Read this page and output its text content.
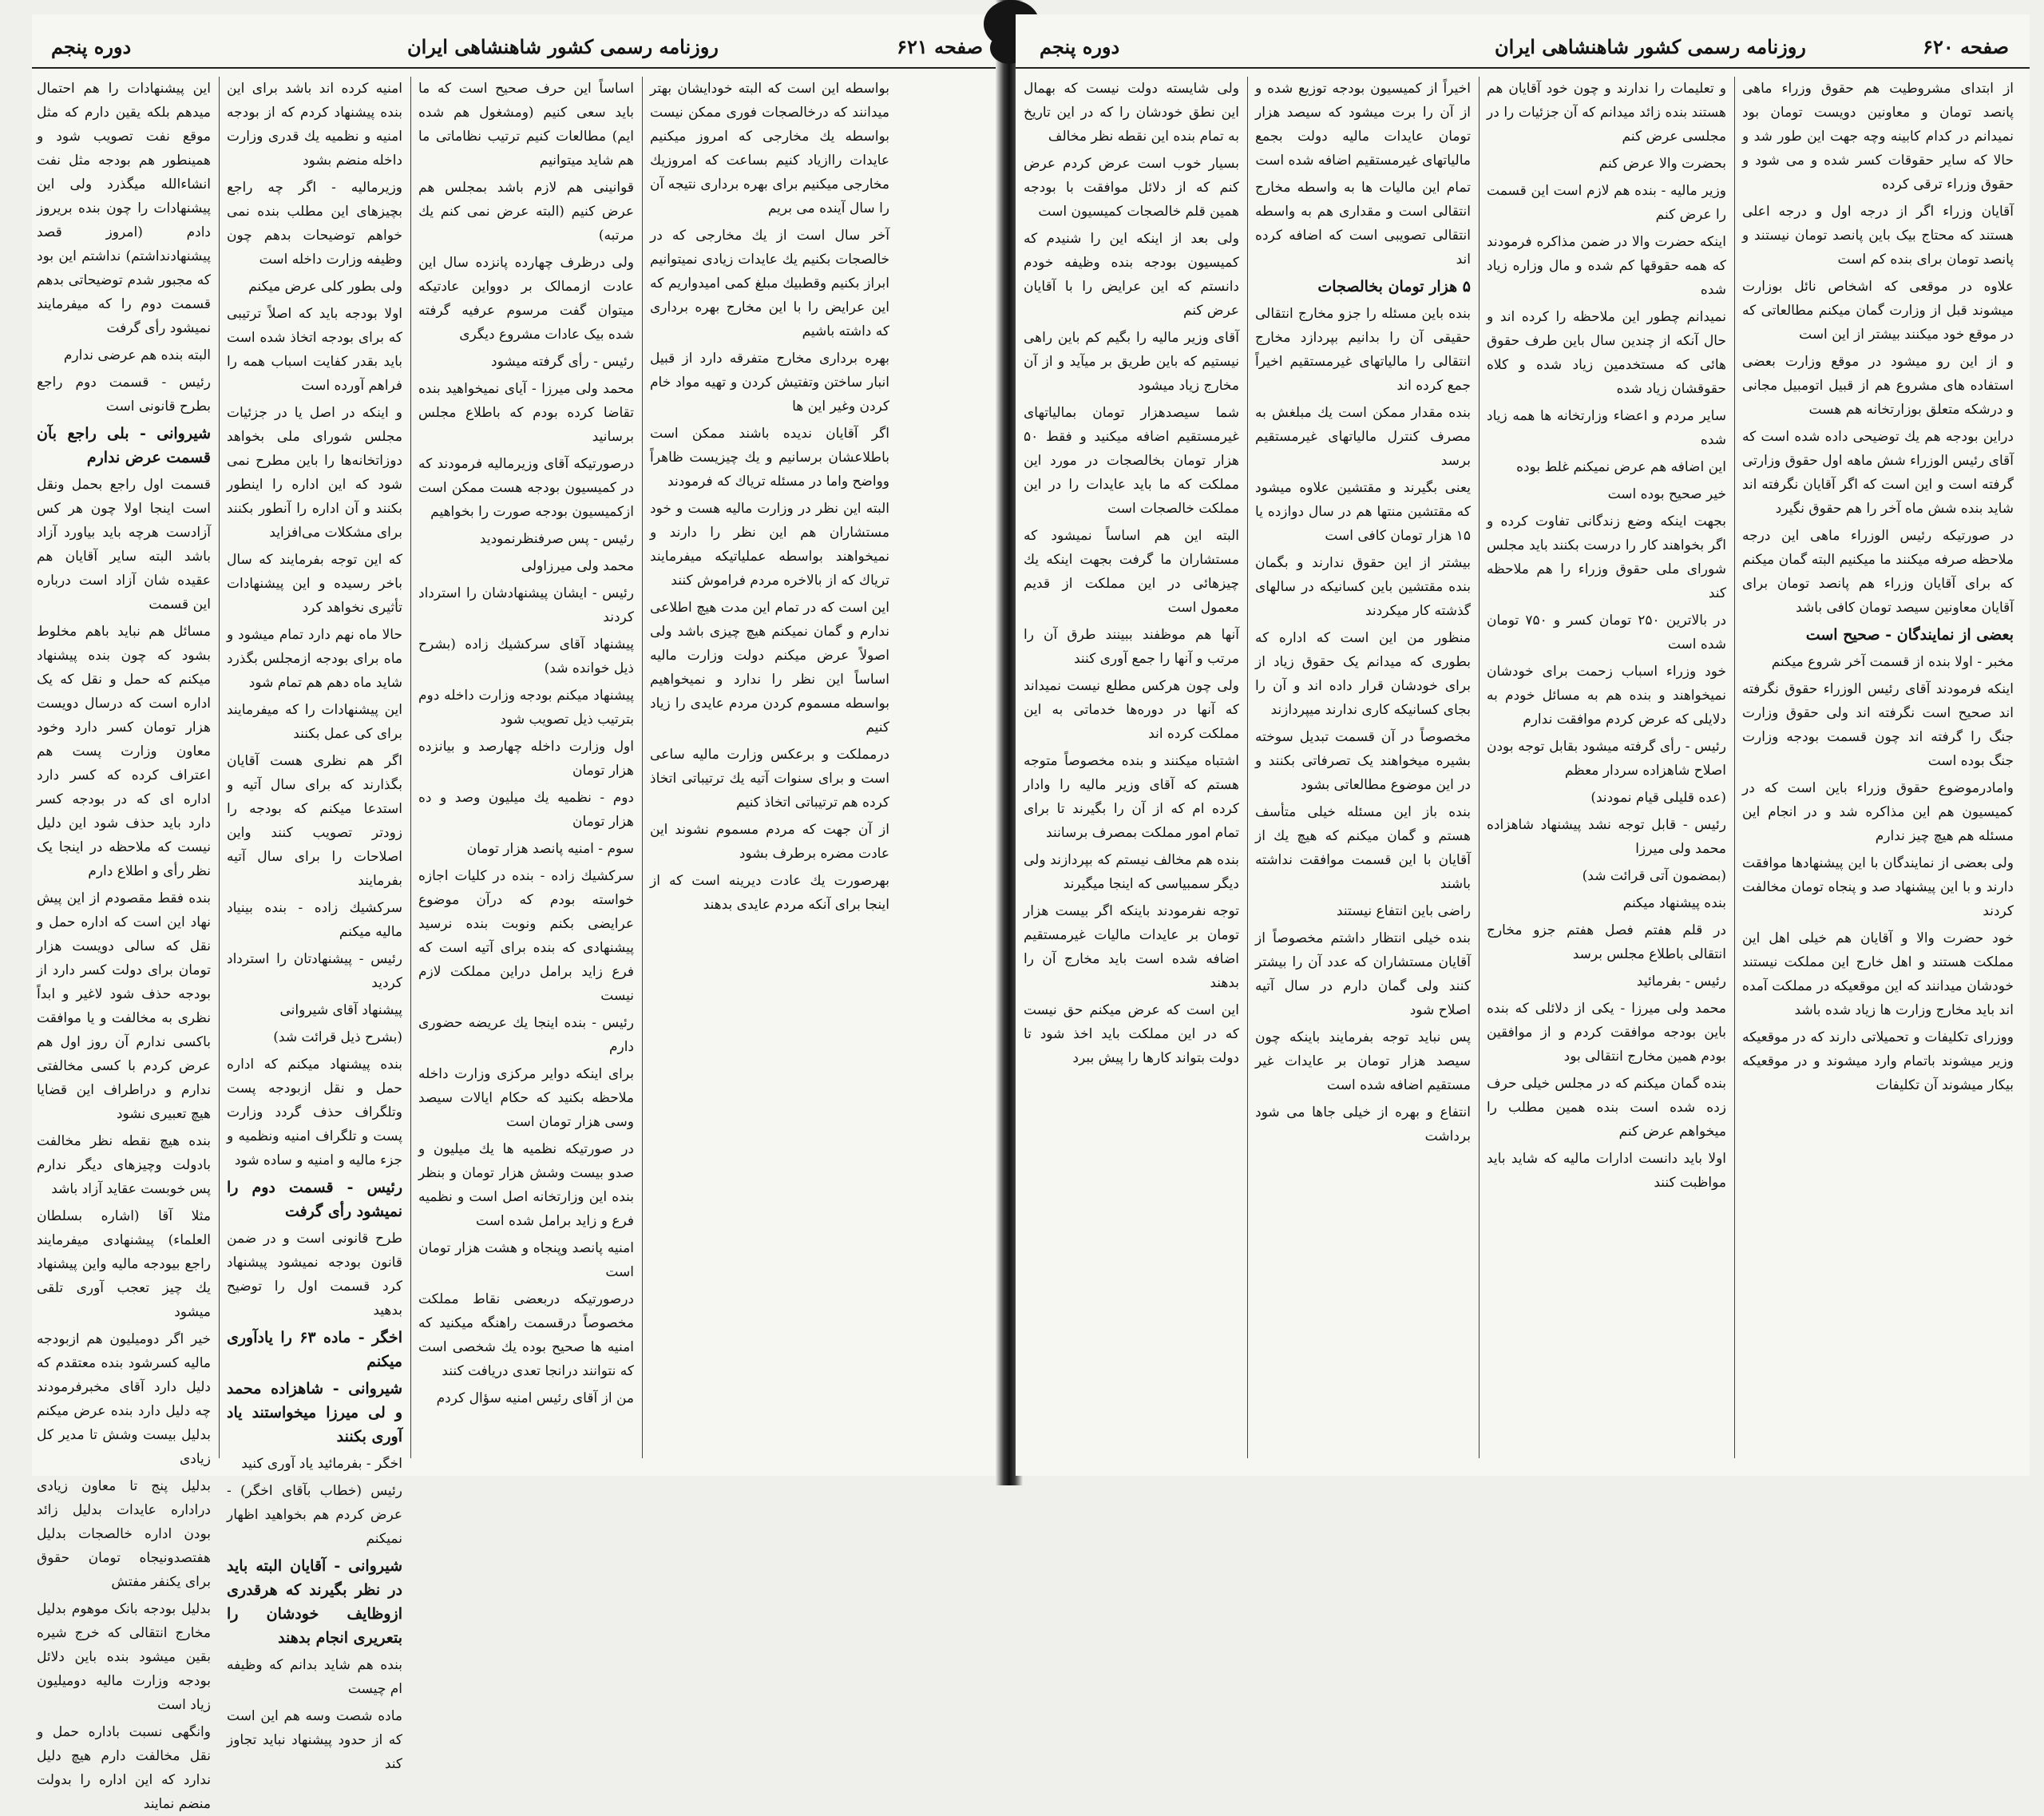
دوره پنجم	روزنامه رسمی کشور شاهنشاهی ایران	صفحه ۶۲۱

این پیشنهادات را هم احتمال میدهم بلکه یقین دارم که مثل موقع نفت تصویب شود و همینطور هم بودجه مثل نفت انشاءالله میگذرد ولی این پیشنهادات را چون بنده بریروز دادم (امروز قصد پیشنهادنداشتم) نداشتم این بود که مجبور شدم توضیحاتی بدهم قسمت دوم را که میفرمایند نمیشود رأی گرفت

البته بنده هم عرضی ندارم

رئیس - قسمت دوم راجع بطرح قانونی است

شیروانی - بلی راجع بآن قسمت عرض ندارم

قسمت اول راجع بحمل ونقل است اینجا اولا چون هر کس آزادست هرچه باید بیاورد آزاد باشد البته سایر آقایان هم عقیده شان آزاد است درباره این قسمت

مسائل هم نباید باهم مخلوط بشود که چون بنده پیشنهاد میکنم که حمل و نقل که یک اداره است که درسال دویست هزار تومان کسر دارد وخود معاون وزارت پست هم اعتراف کرده که کسر دارد اداره ای که در بودجه کسر دارد باید حذف شود این دلیل نیست که ملاحظه در اینجا یک نظر رأی و اطلاع دارم

بنده فقط مقصودم از این پیش نهاد این است که اداره حمل و نقل که سالی دویست هزار تومان برای دولت کسر دارد از بودجه حذف شود لاغیر و ابداً نظری به مخالفت و یا موافقت باکسی ندارم آن روز اول هم عرض کردم با کسی مخالفتی ندارم و دراطراف این قضایا هیچ تعبیری نشود

بنده هیچ نقطه نظر مخالفت بادولت وچیزهای دیگر ندارم پس خوبست عقاید آزاد باشد

مثلا آقا (اشاره بسلطان العلماء) پیشنهادی میفرمایند راجع بیودجه مالیه واین پیشنهاد یك چیز تعجب آوری تلقی میشود

خیر اگر دومیلیون هم ازبودجه مالیه کسرشود بنده معتقدم که دلیل دارد آقای مخبرفرمودند چه دلیل دارد بنده عرض میکنم بدلیل بیست وشش تا مدیر کل زیادی

بدلیل پنج تا معاون زیادی دراداره عایدات بدلیل زائد بودن اداره خالصجات بدلیل هفتصدونیجاه تومان حقوق برای یکنفر مفتش

بدلیل بودجه بانک موهوم بدلیل مخارج انتقالی که خرج شیره بقین میشود بنده باین دلائل بودجه وزارت مالیه دومیلیون زیاد است

وانگهی نسبت باداره حمل و نقل مخالفت دارم هیچ دلیل ندارد که این اداره را بدولت منضم نمایند

امنیه کرده اند باشد برای این بنده پیشنهاد کردم که از بودجه امنیه و نظمیه یك قدری وزارت داخله منضم بشود

وزیرمالیه - اگر چه راجع بچیزهای این مطلب بنده نمی خواهم توضیحات بدهم چون وظیفه وزارت داخله است

ولی بطور کلی عرض میکنم

اولا بودجه باید که اصلاً ترتیبی که برای بودجه اتخاذ شده است باید بقدر کفایت اسباب همه را فراهم آورده است

و اینکه در اصل یا در جزئیات مجلس شورای ملی بخواهد دوزاتخانه‌ها را باین مطرح نمی شود که این اداره را اینطور بکنند و آن اداره را آنطور بکنند برای مشکلات می‌افزاید

که این توجه بفرمایند که سال باخر رسیده و این پیشنهادات تأثیری نخواهد کرد

حالا ماه نهم دارد تمام میشود و ماه برای بودجه ازمجلس بگذرد شاید ماه دهم هم تمام شود

این پیشنهادات را که میفرمایند برای کی عمل بکنند

اگر هم نظری هست آقایان بگذارند که برای سال آتیه و استدعا میکنم که بودجه را زودتر تصویب کنند واین اصلاحات را برای سال آتیه بفرمایند

سرکشیك زاده - بنده بینیاد مالیه میکنم

رئیس - پیشنهادتان را استرداد کردید

پیشنهاد آقای شیروانی

(بشرح ذیل قرائت شد)

بنده پیشنهاد میکنم که اداره حمل و نقل ازبودجه پست وتلگراف حذف گردد وزارت پست و تلگراف امنیه ونظمیه و جزء مالیه و امنیه و ساده شود

رئیس - قسمت دوم را نمیشود رأی گرفت

طرح قانونی است و در ضمن قانون بودجه نمیشود پیشنهاد کرد قسمت اول را توضیح بدهید

اخگر - ماده ۶۳ را یادآوری میکنم

شیروانی - شاهزاده محمد و لی میرزا میخواستند یاد آوری بکنند

اخگر - بفرمائید یاد آوری کنید

رئیس (خطاب بآقای اخگر) - عرض کردم هم بخواهید اظهار نمیکنم

شیروانی - آقایان البته باید در نظر بگیرند که هرقدری ازوظایف خودشان را بتعریری انجام بدهند

بنده هم شاید بدانم که وظیفه ام چیست

ماده شصت وسه هم این است که از حدود پیشنهاد نباید تجاوز کند

اساساً این حرف صحیح است که ما باید سعی کنیم (ومشغول هم شده ایم) مطالعات کنیم ترتیب نظاماتی ما هم شاید میتوانیم

قوانینی هم لازم باشد بمجلس هم عرض کنیم (البته عرض نمی کنم یك مرتبه)

ولی درظرف چهارده پانزده سال این عادت ازممالک بر دوواین عادتیکه میتوان گفت مرسوم عرفیه گرفته شده بیک عادات مشروع دیگری

رئیس - رأی گرفته میشود

محمد ولی میرزا - آیای نمیخواهید بنده تقاضا کرده بودم که باطلاع مجلس برسانید

درصورتیکه آقای وزیرمالیه فرمودند که در کمیسیون بودجه هست ممکن است ازکمیسیون بودجه صورت را بخواهیم

رئیس - پس صرفنظرنمودید

محمد ولی میرزاولی

رئیس - ایشان پیشنهادشان را استرداد کردند

پیشنهاد آقای سرکشیك زاده (بشرح ذیل خوانده شد)

پیشنهاد میکنم بودجه وزارت داخله دوم بترتیب ذیل تصویب شود

اول وزارت داخله چهارصد و بیانزده هزار تومان

دوم - نظمیه یك میلیون وصد و ده هزار تومان

سوم - امنیه پانصد هزار تومان

سرکشیك زاده - بنده در کلیات اجازه خواسته بودم که درآن موضوع عرایضی بکنم ونوبت بنده نرسید پیشنهادی که بنده برای آتیه است که فرع زاید برامل دراین مملکت لازم نیست

رئیس - بنده اینجا یك عریضه حضوری دارم

برای اینکه دوایر مرکزی وزارت داخله ملاحظه بکنید که حکام ایالات سیصد وسی هزار تومان است

در صورتیکه نظمیه ها یك میلیون و صدو بیست وشش هزار تومان و بنظر بنده این وزارتخانه اصل است و نظمیه فرع و زاید برامل شده است

امنیه پانصد وپنجاه و هشت هزار تومان است

درصورتیکه دربعضی نقاط مملکت مخصوصاً درقسمت راهنگه میکنید که امنیه ها صحیح بوده یك شخصی است که نتوانند درانجا تعدی دریافت کنند

من از آقای رئیس امنیه سؤال کردم

بواسطه این است که البته خودایشان بهتر میدانند که درخالصجات فوری ممکن نیست بواسطه یك مخارجی که امروز میکنیم عایدات راازیاد کنیم بساعت که امروزیك مخارجی میکنیم برای بهره برداری نتیجه آن را سال آینده می بریم

آخر سال است از یك مخارجی که در خالصجات بکنیم یك عایدات زیادی نمیتوانیم ابراز بکنیم وقطبیك مبلغ کمی امیدواریم که این عرایض را با این مخارج بهره برداری که داشته باشیم

بهره برداری مخارج متفرقه دارد از قبیل انبار ساختن وتفتیش کردن و تهیه مواد خام کردن وغیر این ها

اگر آقایان ندیده باشند ممکن است باطلاعشان برسانیم و یك چیزیست ظاهراً وواضح واما در مسئله تریاك که فرمودند

البته این نظر در وزارت مالیه هست و خود مستشاران هم این نظر را دارند و نمیخواهند بواسطه عملیاتیکه میفرمایند تریاك که از بالاخره مردم فراموش کنند

این است که در تمام این مدت هیچ اطلاعی ندارم و گمان نمیکنم هیچ چیزی باشد ولی اصولاً عرض میکنم دولت وزارت مالیه اساساً این نظر را ندارد و نمیخواهیم بواسطه مسموم کردن مردم عایدی را زیاد کنیم

درمملکت و برعکس وزارت مالیه ساعی است و برای سنوات آتیه یك ترتیباتی اتخاذ کرده هم ترتیباتی اتخاذ کنیم

از آن جهت که مردم مسموم نشوند این عادت مضره برطرف بشود

بهرصورت یك عادت دیرینه است که از اینجا برای آنکه مردم عایدی بدهند

دوره پنجم	روزنامه رسمی کشور شاهنشاهی ایران	صفحه ۶۲۰

ولی شایسته دولت نیست که بهمال این نطق خودشان را که در این تاریخ به تمام بنده این نقطه نظر مخالف

بسیار خوب است عرض کردم عرض کنم که از دلائل موافقت با بودجه همین قلم خالصجات کمیسیون است

ولی بعد از اینکه این را شنیدم که کمیسیون بودجه بنده وظیفه خودم دانستم که این عرایض را با آقایان عرض کنم

آقای وزیر مالیه را بگیم کم باین راهی نیستیم که باین طریق بر میآید و از آن مخارج زیاد میشود

شما سیصدهزار تومان بمالیاتهای غیرمستقیم اضافه میکنید و فقط ۵۰ هزار تومان بخالصجات در مورد این مملکت که ما باید عایدات را در این مملکت خالصجات است

البته این هم اساساً نمیشود که مستشاران ما گرفت بجهت اینکه یك چیزهائی در این مملکت از قدیم معمول است

آنها هم موظفند ببینند طرق آن را مرتب و آنها را جمع آوری کنند

ولی چون هرکس مطلع نیست نمیداند که آنها در دوره‌ها خدماتی به این مملکت کرده اند

اشتباه میکنند و بنده مخصوصاً متوجه هستم که آقای وزیر مالیه را وادار کرده ام که از آن را بگیرند تا برای تمام امور مملکت بمصرف برسانند

بنده هم مخالف نیستم که بپردازند ولی دیگر سمبیاسی که اینجا میگیرند

توجه نفرمودند باینکه اگر بیست هزار تومان بر عایدات مالیات غیرمستقیم اضافه شده است باید مخارج آن را بدهند

این است که عرض میکنم حق نیست که در این مملکت باید اخذ شود تا دولت بتواند کارها را پیش ببرد

اخیراً از کمیسیون بودجه توزیع شده و از آن را برت میشود که سیصد هزار تومان عایدات مالیه دولت بجمع مالیاتهای غیرمستقیم اضافه شده است

تمام این مالیات ها به واسطه مخارج انتقالی است و مقداری هم به واسطه انتقالی تصویبی است که اضافه کرده اند

۵ هزار تومان بخالصجات

بنده باین مسئله را جزو مخارج انتقالی حقیقی آن را بدانیم بپردازد مخارج انتقالی را مالیاتهای غیرمستقیم اخیراً جمع کرده اند

بنده مقدار ممکن است یك مبلغش به مصرف کنترل مالیاتهای غیرمستقیم برسد

یعنی بگیرند و مقتشین علاوه میشود که مقتشین منتها هم در سال دوازده یا ۱۵ هزار تومان کافی است

بیشتر از این حقوق ندارند و بگمان بنده مقتشین باین کسانیکه در سالهای گذشته کار میکردند

منظور من این است که اداره که بطوری که میدانم یک حقوق زیاد از برای خودشان قرار داده اند و آن را بجای کسانیکه کاری ندارند میپردازند

مخصوصاً در آن قسمت تبدیل سوخته بشیره میخواهند یک تصرفاتی بکنند و در این موضوع مطالعاتی بشود

بنده باز این مسئله خیلی متأسف هستم و گمان میکنم که هیچ یك از آقایان با این قسمت موافقت نداشته باشند

راضی باین انتفاع نیستند

بنده خیلی انتظار داشتم مخصوصاً از آقایان مستشاران که عدد آن را بیشتر کنند ولی گمان دارم در سال آتیه اصلاح شود

پس نباید توجه بفرمایند باینکه چون سیصد هزار تومان بر عایدات غیر مستقیم اضافه شده است

انتفاع و بهره از خیلی جاها می شود برداشت

و تعلیمات را ندارند و چون خود آقایان هم هستند بنده زائد میدانم که آن جزئیات را در مجلسی عرض کنم

بحضرت والا عرض کنم

وزیر مالیه - بنده هم لازم است این قسمت را عرض کنم

اینکه حضرت والا در ضمن مذاکره فرمودند که همه حقوقها کم شده و مال وزاره زیاد شده

نمیدانم چطور این ملاحظه را کرده اند و حال آنکه از چندین سال باین طرف حقوق هائی که مستخدمین زیاد شده و کلاه حقوقشان زیاد شده

سایر مردم و اعضاء وزارتخانه ها همه زیاد شده

این اضافه هم عرض نمیکنم غلط بوده

خیر صحیح بوده است

بجهت اینکه وضع زندگانی تفاوت کرده و اگر بخواهند کار را درست بکنند باید مجلس شورای ملی حقوق وزراء را هم ملاحظه کند

در بالاترین ۲۵۰ تومان کسر و ۷۵۰ تومان شده است

خود وزراء اسباب زحمت برای خودشان نمیخواهند و بنده هم به مسائل خودم به دلایلی که عرض کردم موافقت ندارم

رئیس - رأی گرفته میشود بقابل توجه بودن اصلاح شاهزاده سردار معظم

(عده قلیلی قیام نمودند)

رئیس - قابل توجه نشد پیشنهاد شاهزاده محمد ولی میرزا

(بمضمون آتی قرائت شد)

بنده پیشنهاد میکنم

در قلم هفتم فصل هفتم جزو مخارج انتقالی باطلاع مجلس برسد

رئیس - بفرمائید

محمد ولی میرزا - یکی از دلائلی که بنده باین بودجه موافقت کردم و از موافقین بودم همین مخارج انتقالی بود

بنده گمان میکنم که در مجلس خیلی حرف زده شده است بنده همین مطلب را میخواهم عرض کنم

اولا باید دانست ادارات مالیه که شاید باید مواظبت کنند

از ابتدای مشروطیت هم حقوق وزراء ماهی پانصد تومان و معاونین دویست تومان بود نمیدانم در کدام کابینه وچه جهت این طور شد و حالا که سایر حقوقات کسر شده و می شود و حقوق وزراء ترقی کرده

آقایان وزراء اگر از درجه اول و درجه اعلی هستند که محتاج بیک باین پانصد تومان نیستند و پانصد تومان برای بنده کم است

علاوه در موقعی که اشخاص نائل بوزارت میشوند قبل از وزارت گمان میکنم مطالعاتی که در موقع خود میکنند بیشتر از این است

و از این رو میشود در موقع وزارت بعضی استفاده های مشروع هم از قبیل اتومبیل مجانی و درشکه متعلق بوزارتخانه هم هست

دراین بودجه هم یك توضیحی داده شده است که آقای رئیس الوزراء شش ماهه اول حقوق وزارتی گرفته است و این است که اگر آقایان نگرفته اند شاید بنده شش ماه آخر را هم حقوق نگیرد

در صورتیکه رئیس الوزراء ماهی این درجه ملاحظه صرفه میکنند ما میکنیم البته گمان میکنم که برای آقایان وزراء هم پانصد تومان برای آقایان معاونین سیصد تومان کافی باشد

بعضی از نمایندگان - صحیح است

مخبر - اولا بنده از قسمت آخر شروع میکنم

اینکه فرمودند آقای رئیس الوزراء حقوق نگرفته اند صحیح است نگرفته اند ولی حقوق وزارت جنگ را گرفته اند چون قسمت بودجه وزارت جنگ بوده است

وامادرموضوع حقوق وزراء باین است که در کمیسیون هم این مذاکره شد و در انجام این مسئله هم هیچ چیز ندارم

ولی بعضی از نمایندگان با این پیشنهادها موافقت دارند و با این پیشنهاد صد و پنجاه تومان مخالفت کردند

خود حضرت والا و آقایان هم خیلی اهل این مملکت هستند و اهل خارج این مملکت نیستند خودشان میدانند که این موقعیکه در مملکت آمده اند باید مخارج وزارت ها زیاد شده باشد

ووزرای تکلیفات و تحمیلاتی دارند که در موقعیکه وزیر میشوند باتمام وارد میشوند و در موقعیکه بیکار میشوند آن تکلیفات
